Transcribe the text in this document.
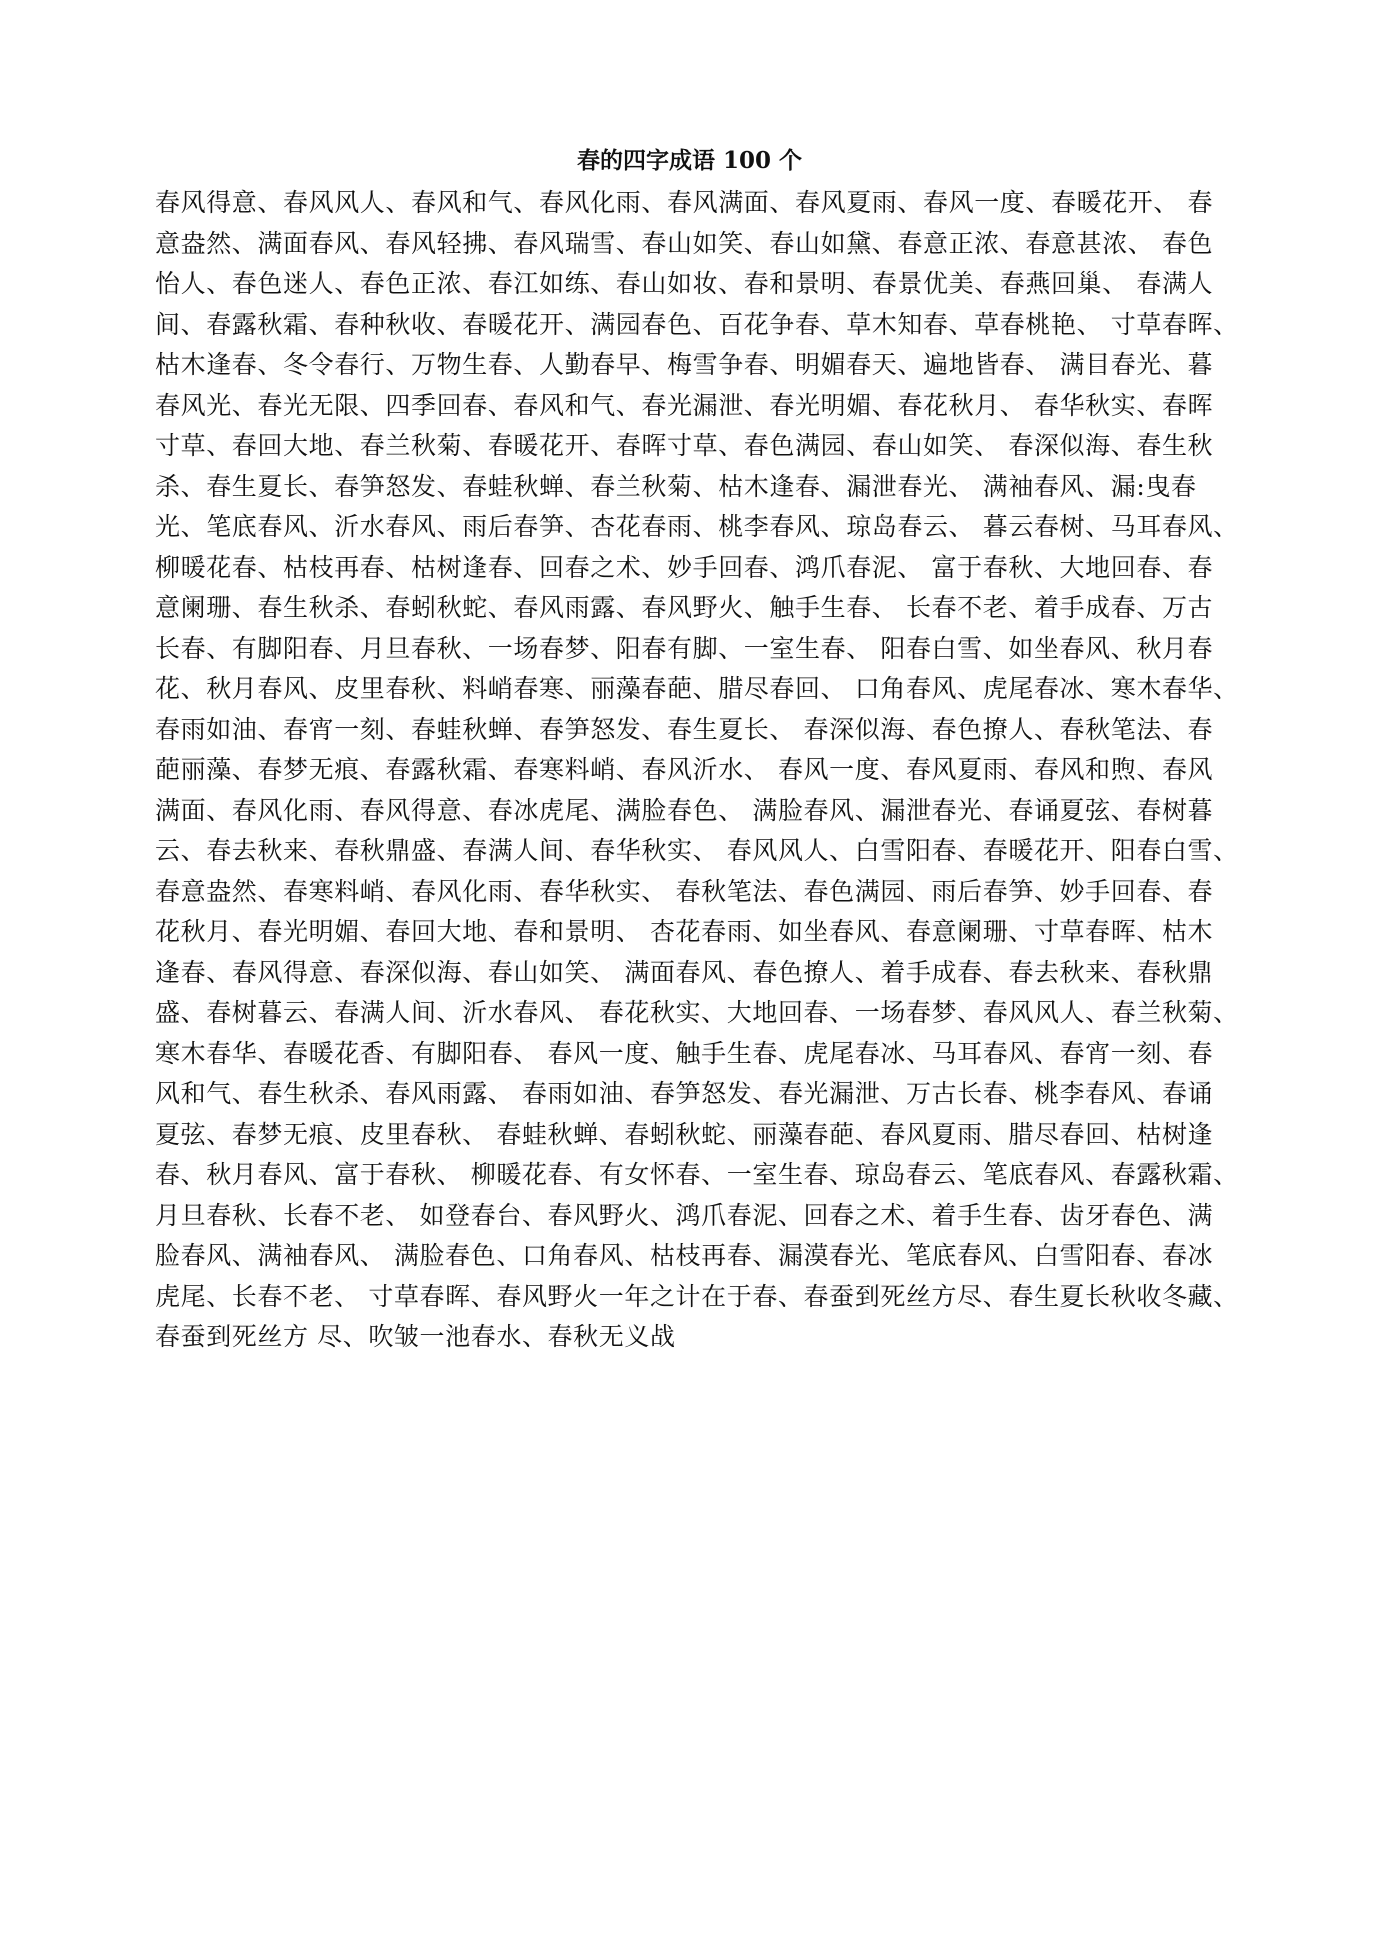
春的四字成语 100 个
春风得意、春风风人、春风和气、春风化雨、春风满面、春风夏雨、春风一度、春暖花开、 春
意盎然、满面春风、春风轻拂、春风瑞雪、春山如笑、春山如黛、春意正浓、春意甚浓、 春色
怡人、春色迷人、春色正浓、春江如练、春山如妆、春和景明、春景优美、春燕回巢、 春满人
间、春露秋霜、春种秋收、春暖花开、满园春色、百花争春、草木知春、草春桃艳、 寸草春晖、
枯木逢春、冬令春行、万物生春、人勤春早、梅雪争春、明媚春天、遍地皆春、 满目春光、暮
春风光、春光无限、四季回春、春风和气、春光漏泄、春光明媚、春花秋月、 春华秋实、春晖
寸草、春回大地、春兰秋菊、春暖花开、春晖寸草、春色满园、春山如笑、 春深似海、春生秋
杀、春生夏长、春笋怒发、春蛙秋蝉、春兰秋菊、枯木逢春、漏泄春光、 满袖春风、漏:曳春
光、笔底春风、沂水春风、雨后春笋、杏花春雨、桃李春风、琼岛春云、 暮云春树、马耳春风、
柳暖花春、枯枝再春、枯树逢春、回春之术、妙手回春、鸿爪春泥、 富于春秋、大地回春、春
意阑珊、春生秋杀、春蚓秋蛇、春风雨露、春风野火、触手生春、 长春不老、着手成春、万古
长春、有脚阳春、月旦春秋、一场春梦、阳春有脚、一室生春、 阳春白雪、如坐春风、秋月春
花、秋月春风、皮里春秋、料峭春寒、丽藻春葩、腊尽春回、 口角春风、虎尾春冰、寒木春华、
春雨如油、春宵一刻、春蛙秋蝉、春笋怒发、春生夏长、 春深似海、春色撩人、春秋笔法、春
葩丽藻、春梦无痕、春露秋霜、春寒料峭、春风沂水、 春风一度、春风夏雨、春风和煦、春风
满面、春风化雨、春风得意、春冰虎尾、满脸春色、 满脸春风、漏泄春光、春诵夏弦、春树暮
云、春去秋来、春秋鼎盛、春满人间、春华秋实、 春风风人、白雪阳春、春暖花开、阳春白雪、
春意盎然、春寒料峭、春风化雨、春华秋实、 春秋笔法、春色满园、雨后春笋、妙手回春、春
花秋月、春光明媚、春回大地、春和景明、 杏花春雨、如坐春风、春意阑珊、寸草春晖、枯木
逢春、春风得意、春深似海、春山如笑、 满面春风、春色撩人、着手成春、春去秋来、春秋鼎
盛、春树暮云、春满人间、沂水春风、 春花秋实、大地回春、一场春梦、春风风人、春兰秋菊、
寒木春华、春暖花香、有脚阳春、 春风一度、触手生春、虎尾春冰、马耳春风、春宵一刻、春
风和气、春生秋杀、春风雨露、 春雨如油、春笋怒发、春光漏泄、万古长春、桃李春风、春诵
夏弦、春梦无痕、皮里春秋、 春蛙秋蝉、春蚓秋蛇、丽藻春葩、春风夏雨、腊尽春回、枯树逢
春、秋月春风、富于春秋、 柳暖花春、有女怀春、一室生春、琼岛春云、笔底春风、春露秋霜、
月旦春秋、长春不老、 如登春台、春风野火、鸿爪春泥、回春之术、着手生春、齿牙春色、满
脸春风、满袖春风、 满脸春色、口角春风、枯枝再春、漏漠春光、笔底春风、白雪阳春、春冰
虎尾、长春不老、 寸草春晖、春风野火一年之计在于春、春蚕到死丝方尽、春生夏长秋收冬藏、
春蚕到死丝方 尽、吹皱一池春水、春秋无义战
